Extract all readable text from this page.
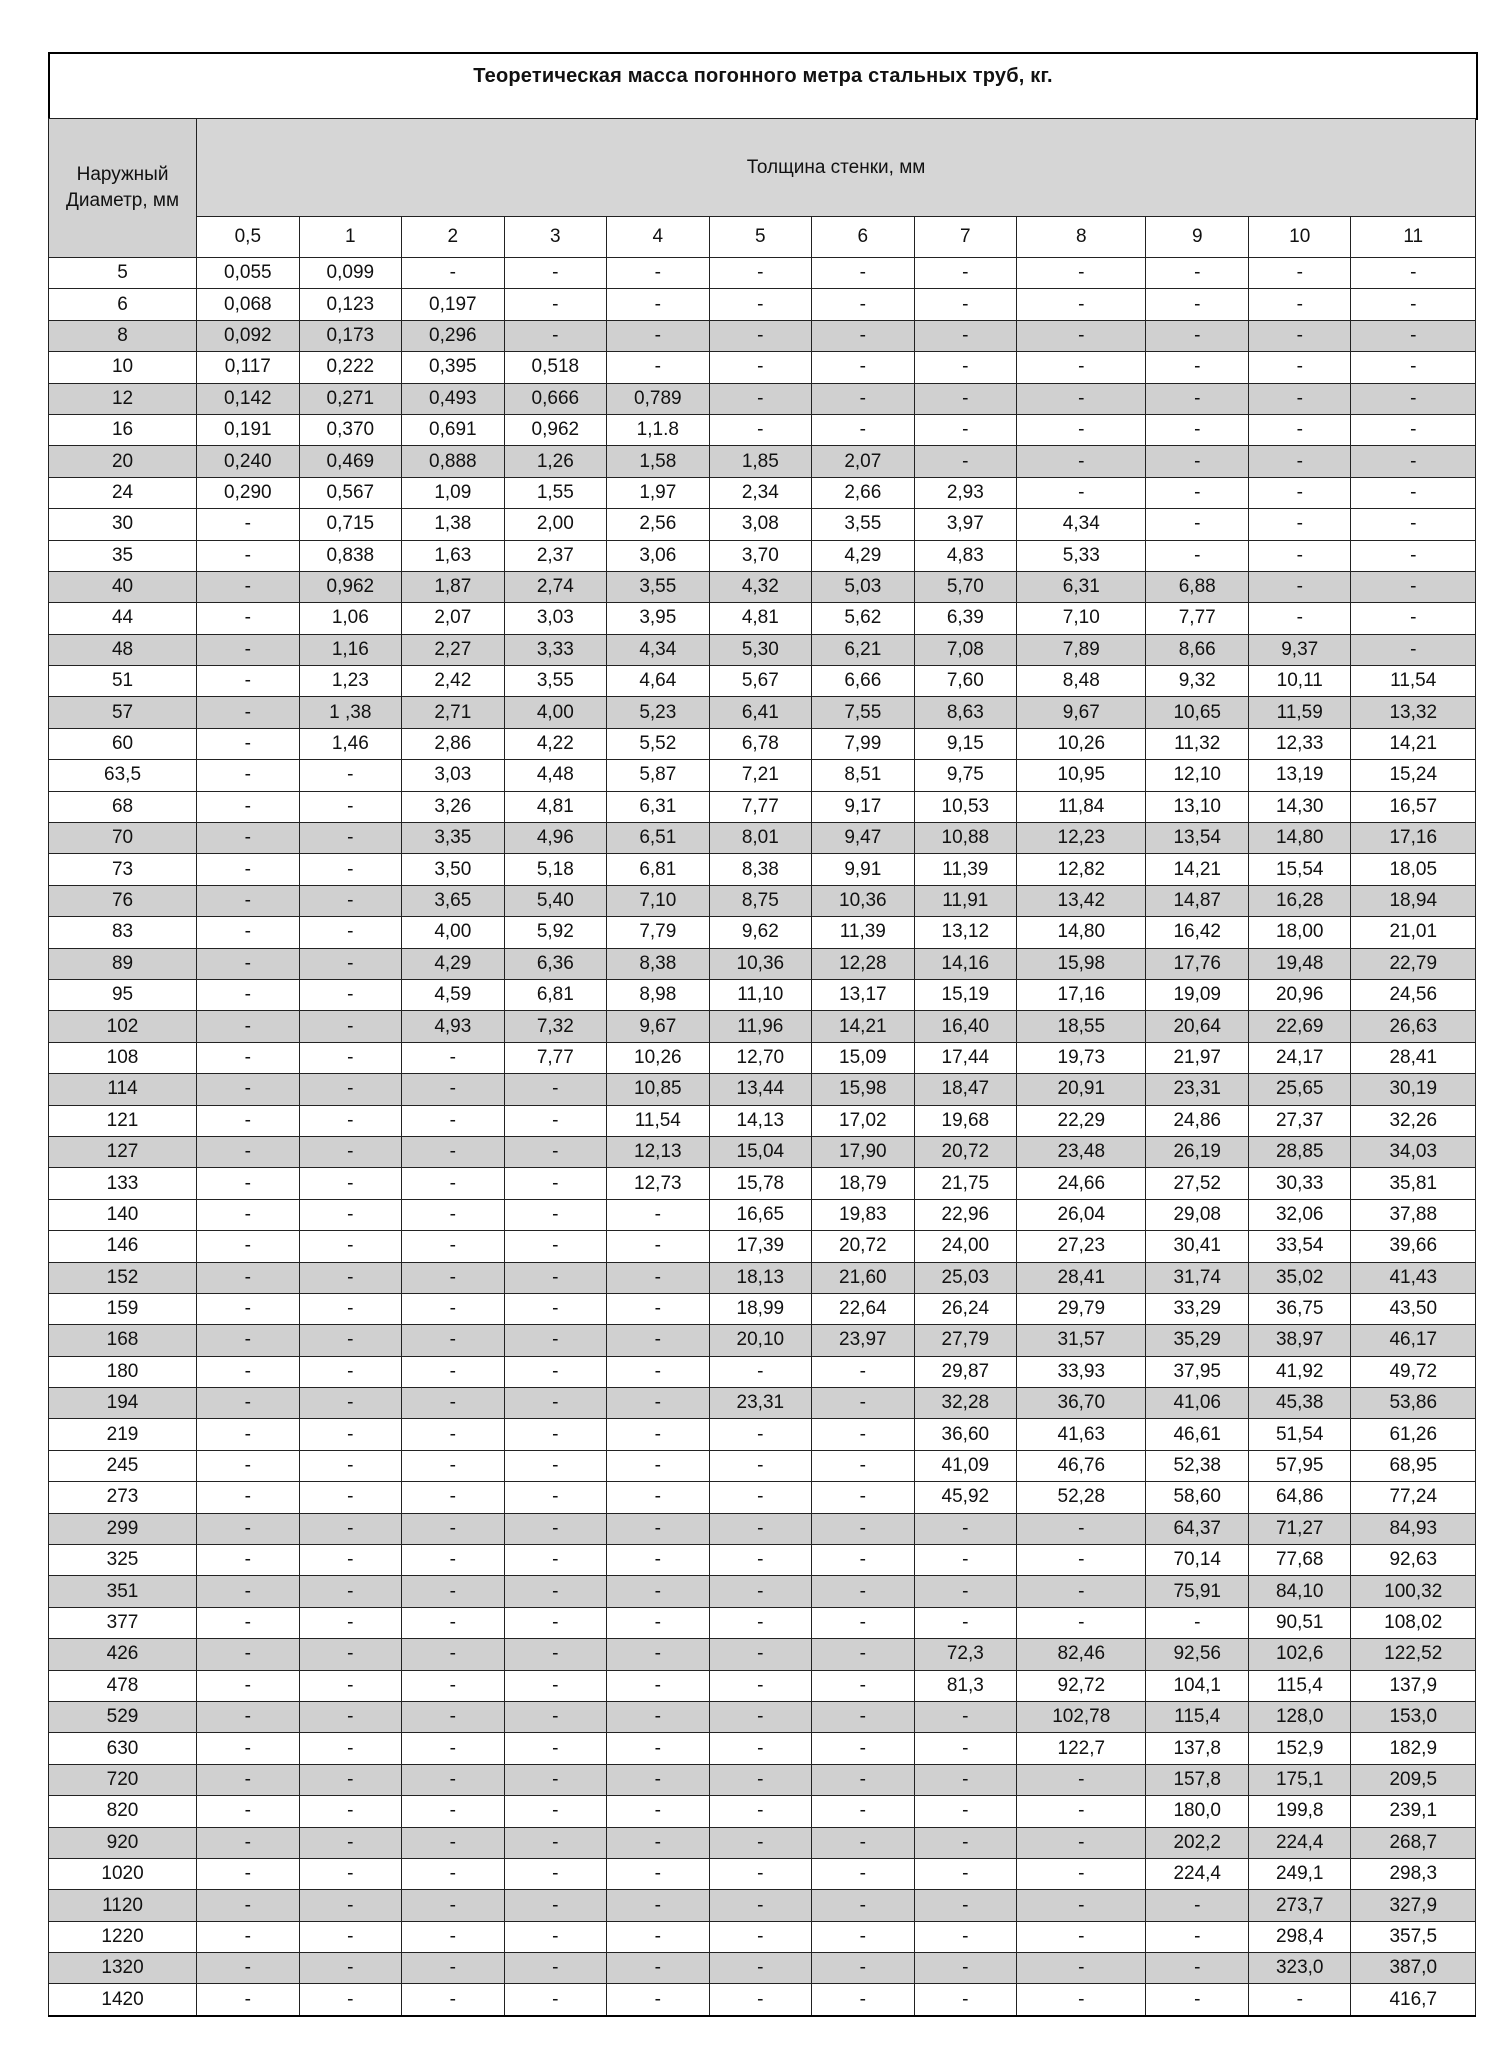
Теоретическая масса погонного метра стальных труб, кг.
Наружный
Диаметр, мм	Толщина стенки, мм											
	0,5	1	2	3	4	5	6	7	8	9	10	11
5	0,055	0,099	-	-	-	-	-	-	-	-	-	-
6	0,068	0,123	0,197	-	-	-	-	-	-	-	-	-
8	0,092	0,173	0,296	-	-	-	-	-	-	-	-	-
10	0,117	0,222	0,395	0,518	-	-	-	-	-	-	-	-
12	0,142	0,271	0,493	0,666	0,789	-	-	-	-	-	-	-
16	0,191	0,370	0,691	0,962	1,1.8	-	-	-	-	-	-	-
20	0,240	0,469	0,888	1,26	1,58	1,85	2,07	-	-	-	-	-
24	0,290	0,567	1,09	1,55	1,97	2,34	2,66	2,93	-	-	-	-
30	-	0,715	1,38	2,00	2,56	3,08	3,55	3,97	4,34	-	-	-
35	-	0,838	1,63	2,37	3,06	3,70	4,29	4,83	5,33	-	-	-
40	-	0,962	1,87	2,74	3,55	4,32	5,03	5,70	6,31	6,88	-	-
44	-	1,06	2,07	3,03	3,95	4,81	5,62	6,39	7,10	7,77	-	-
48	-	1,16	2,27	3,33	4,34	5,30	6,21	7,08	7,89	8,66	9,37	-
51	-	1,23	2,42	3,55	4,64	5,67	6,66	7,60	8,48	9,32	10,11	11,54
57	-	1 ,38	2,71	4,00	5,23	6,41	7,55	8,63	9,67	10,65	11,59	13,32
60	-	1,46	2,86	4,22	5,52	6,78	7,99	9,15	10,26	11,32	12,33	14,21
63,5	-	-	3,03	4,48	5,87	7,21	8,51	9,75	10,95	12,10	13,19	15,24
68	-	-	3,26	4,81	6,31	7,77	9,17	10,53	11,84	13,10	14,30	16,57
70	-	-	3,35	4,96	6,51	8,01	9,47	10,88	12,23	13,54	14,80	17,16
73	-	-	3,50	5,18	6,81	8,38	9,91	11,39	12,82	14,21	15,54	18,05
76	-	-	3,65	5,40	7,10	8,75	10,36	11,91	13,42	14,87	16,28	18,94
83	-	-	4,00	5,92	7,79	9,62	11,39	13,12	14,80	16,42	18,00	21,01
89	-	-	4,29	6,36	8,38	10,36	12,28	14,16	15,98	17,76	19,48	22,79
95	-	-	4,59	6,81	8,98	11,10	13,17	15,19	17,16	19,09	20,96	24,56
102	-	-	4,93	7,32	9,67	11,96	14,21	16,40	18,55	20,64	22,69	26,63
108	-	-	-	7,77	10,26	12,70	15,09	17,44	19,73	21,97	24,17	28,41
114	-	-	-	-	10,85	13,44	15,98	18,47	20,91	23,31	25,65	30,19
121	-	-	-	-	11,54	14,13	17,02	19,68	22,29	24,86	27,37	32,26
127	-	-	-	-	12,13	15,04	17,90	20,72	23,48	26,19	28,85	34,03
133	-	-	-	-	12,73	15,78	18,79	21,75	24,66	27,52	30,33	35,81
140	-	-	-	-	-	16,65	19,83	22,96	26,04	29,08	32,06	37,88
146	-	-	-	-	-	17,39	20,72	24,00	27,23	30,41	33,54	39,66
152	-	-	-	-	-	18,13	21,60	25,03	28,41	31,74	35,02	41,43
159	-	-	-	-	-	18,99	22,64	26,24	29,79	33,29	36,75	43,50
168	-	-	-	-	-	20,10	23,97	27,79	31,57	35,29	38,97	46,17
180	-	-	-	-	-	-	-	29,87	33,93	37,95	41,92	49,72
194	-	-	-	-	-	23,31	-	32,28	36,70	41,06	45,38	53,86
219	-	-	-	-	-	-	-	36,60	41,63	46,61	51,54	61,26
245	-	-	-	-	-	-	-	41,09	46,76	52,38	57,95	68,95
273	-	-	-	-	-	-	-	45,92	52,28	58,60	64,86	77,24
299	-	-	-	-	-	-	-	-	-	64,37	71,27	84,93
325	-	-	-	-	-	-	-	-	-	70,14	77,68	92,63
351	-	-	-	-	-	-	-	-	-	75,91	84,10	100,32
377	-	-	-	-	-	-	-	-	-	-	90,51	108,02
426	-	-	-	-	-	-	-	72,3	82,46	92,56	102,6	122,52
478	-	-	-	-	-	-	-	81,3	92,72	104,1	115,4	137,9
529	-	-	-	-	-	-	-	-	102,78	115,4	128,0	153,0
630	-	-	-	-	-	-	-	-	122,7	137,8	152,9	182,9
720	-	-	-	-	-	-	-	-	-	157,8	175,1	209,5
820	-	-	-	-	-	-	-	-	-	180,0	199,8	239,1
920	-	-	-	-	-	-	-	-	-	202,2	224,4	268,7
1020	-	-	-	-	-	-	-	-	-	224,4	249,1	298,3
1120	-	-	-	-	-	-	-	-	-	-	273,7	327,9
1220	-	-	-	-	-	-	-	-	-	-	298,4	357,5
1320	-	-	-	-	-	-	-	-	-	-	323,0	387,0
1420	-	-	-	-	-	-	-	-	-	-	-	416,7
